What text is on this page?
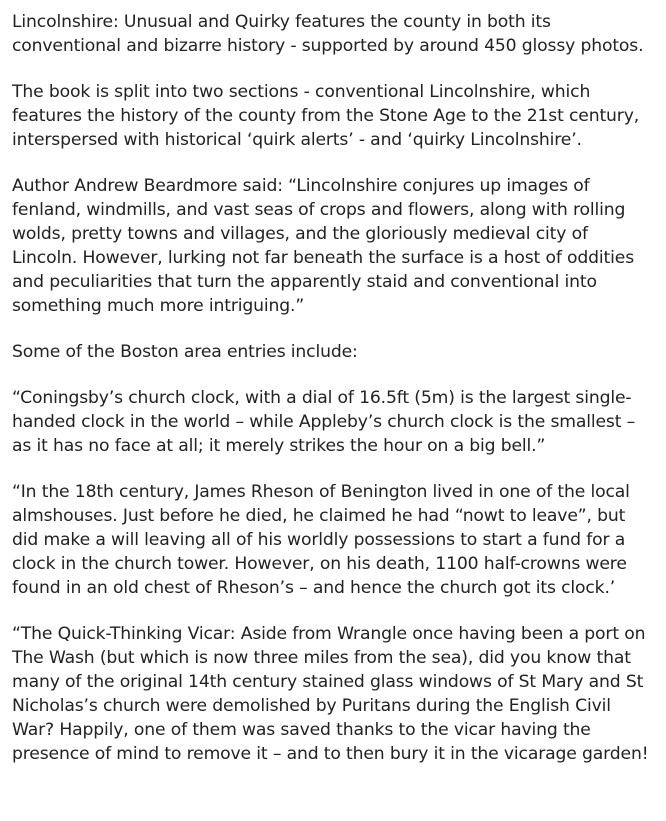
Lincolnshire: Unusual and Quirky features the county in both its conventional and bizarre history - supported by around 450 glossy photos.

The book is split into two sections - conventional Lincolnshire, which features the history of the county from the Stone Age to the 21st century, interspersed with historical ‘quirk alerts’ - and ‘quirky Lincolnshire’.

Author Andrew Beardmore said: “Lincolnshire conjures up images of fenland, windmills, and vast seas of crops and flowers, along with rolling wolds, pretty towns and villages, and the gloriously medieval city of Lincoln. However, lurking not far beneath the surface is a host of oddities and peculiarities that turn the apparently staid and conventional into something much more intriguing.”

Some of the Boston area entries include:

“Coningsby’s church clock, with a dial of 16.5ft (5m) is the largest single-handed clock in the world – while Appleby’s church clock is the smallest – as it has no face at all; it merely strikes the hour on a big bell.”

“In the 18th century, James Rheson of Benington lived in one of the local almshouses. Just before he died, he claimed he had “nowt to leave”, but did make a will leaving all of his worldly possessions to start a fund for a clock in the church tower. However, on his death, 1100 half-crowns were found in an old chest of Rheson’s – and hence the church got its clock.’

“The Quick-Thinking Vicar: Aside from Wrangle once having been a port on The Wash (but which is now three miles from the sea), did you know that many of the original 14th century stained glass windows of St Mary and St Nicholas’s church were demolished by Puritans during the English Civil War? Happily, one of them was saved thanks to the vicar having the presence of mind to remove it – and to then bury it in the vicarage garden!
